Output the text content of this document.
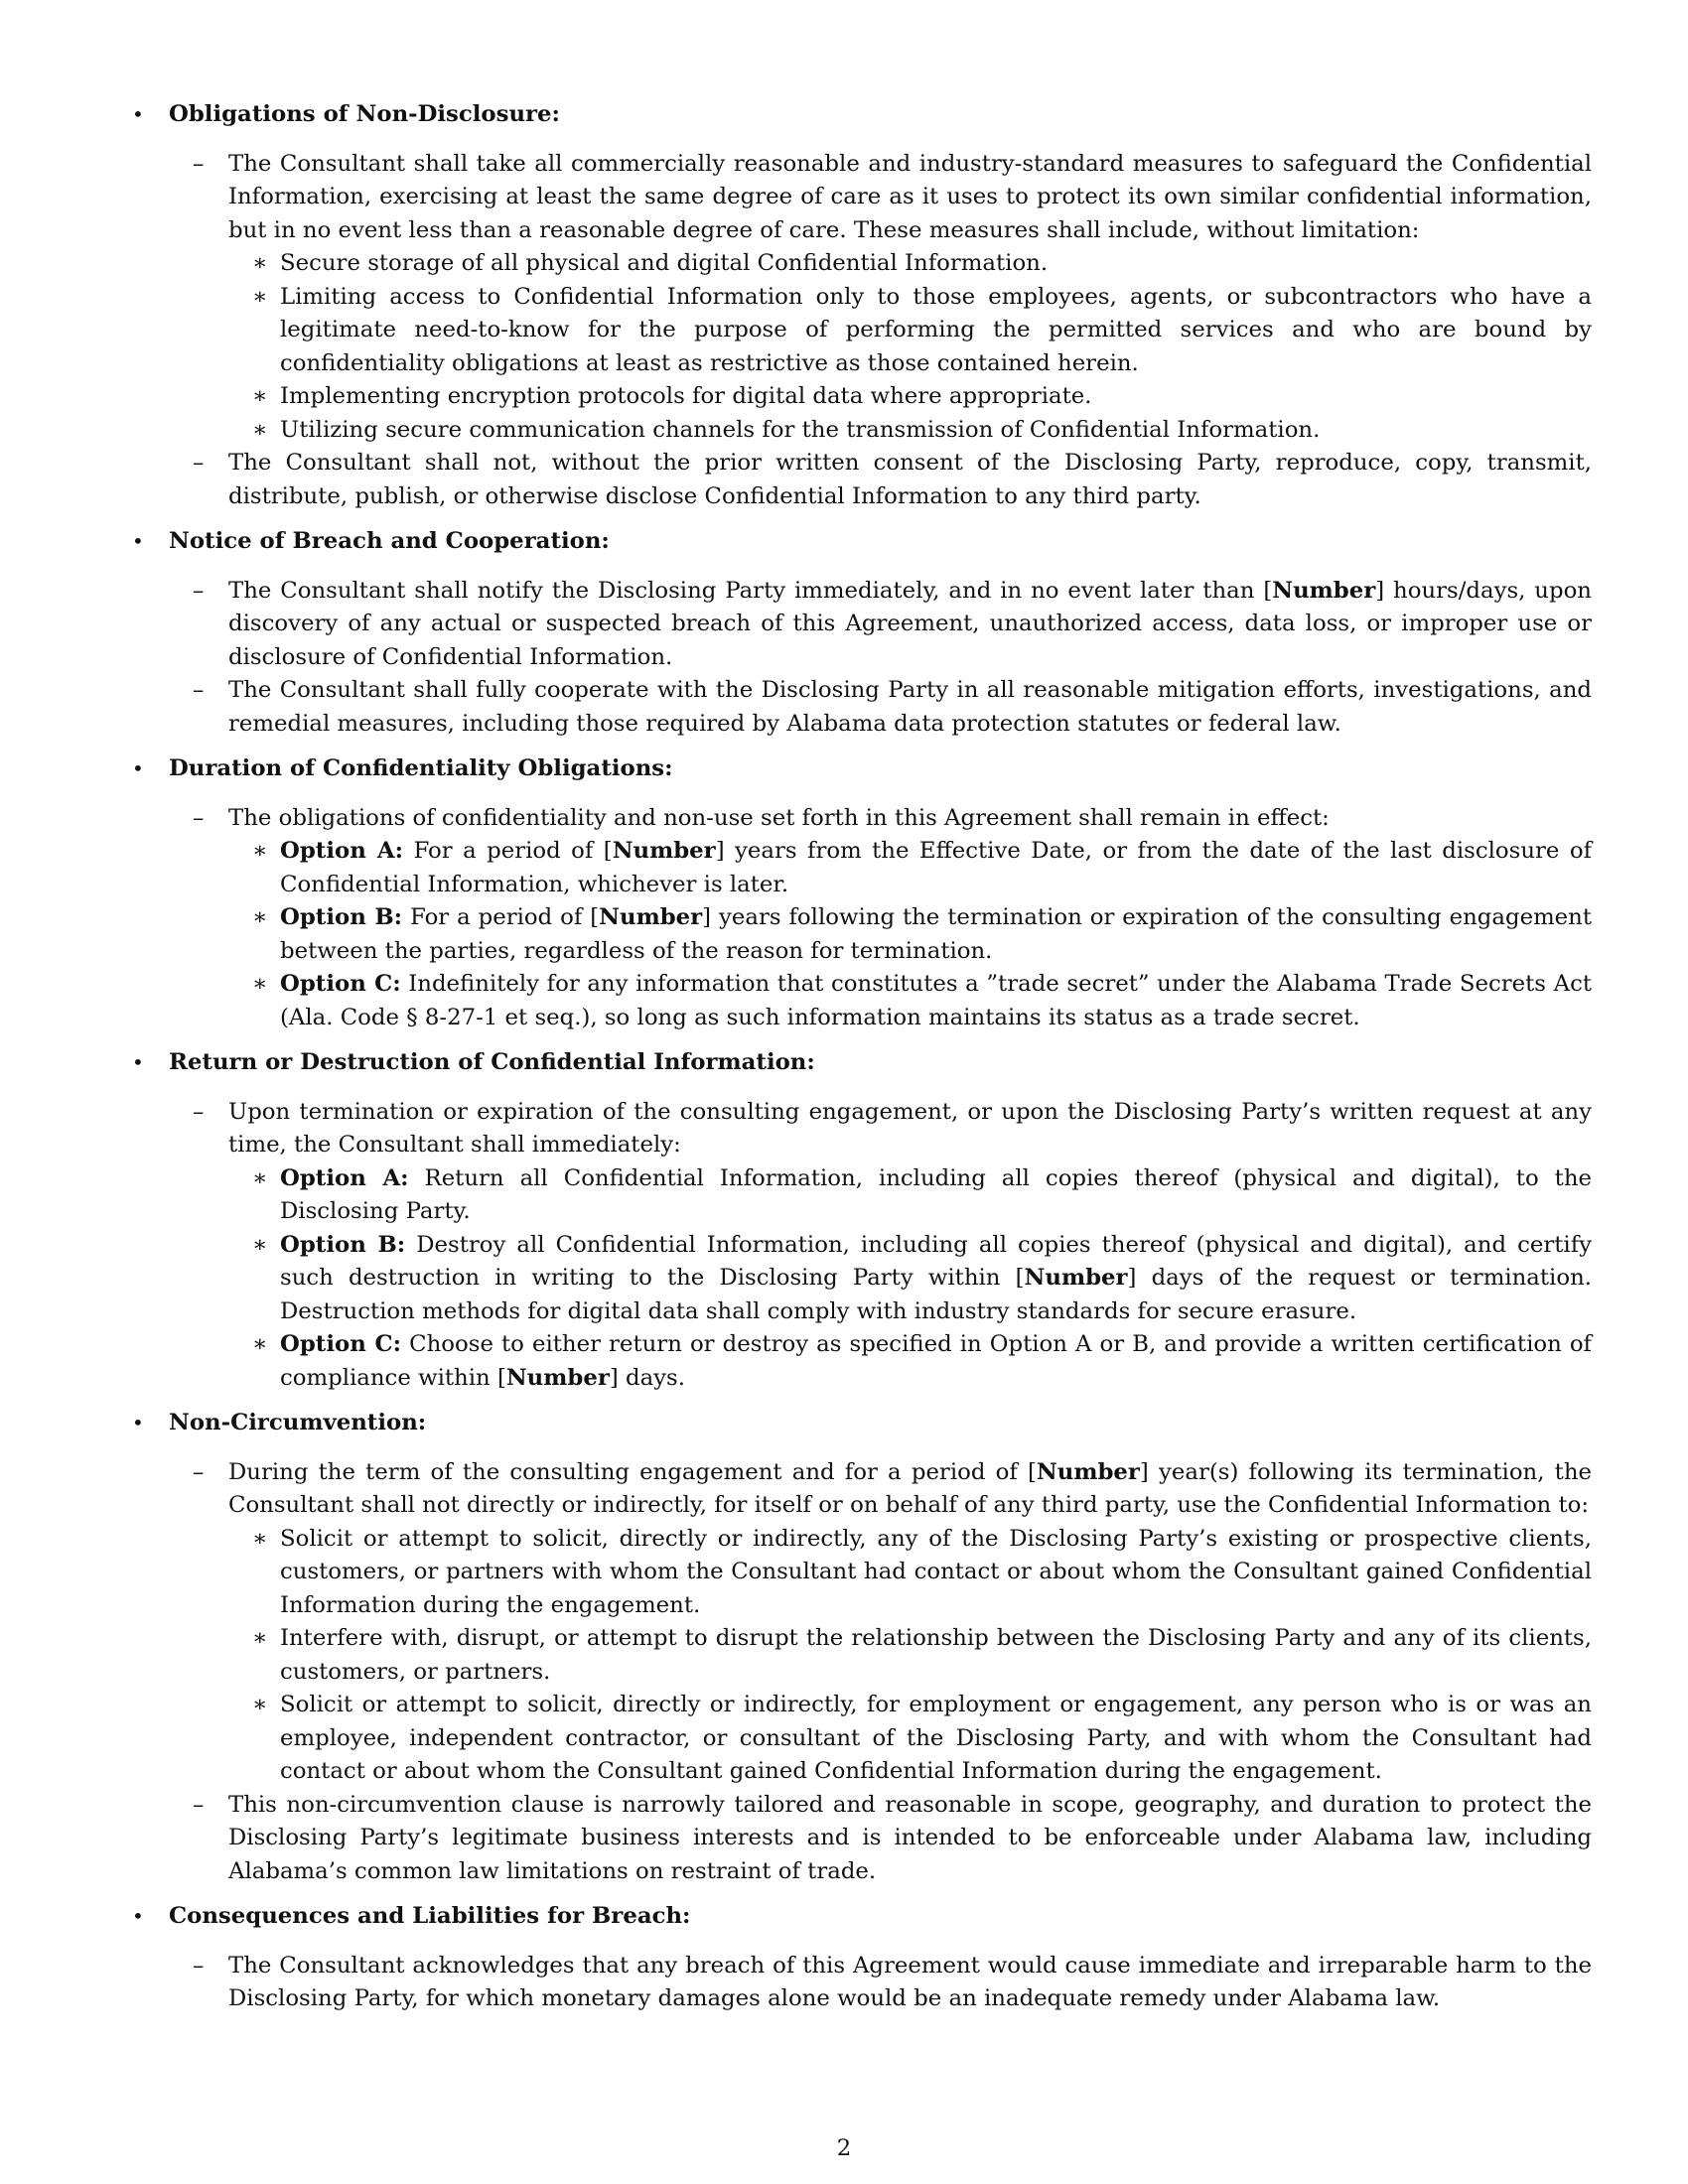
•	Obligations of Non-Disclosure:
– The Consultant shall take all commercially reasonable and industry-standard measures to safeguard the Confidential Information, exercising at least the same degree of care as it uses to protect its own similar confidential information, but in no event less than a reasonable degree of care. These measures shall include, without limitation:
∗ Secure storage of all physical and digital Confidential Information.
∗ Limiting access to Confidential Information only to those employees, agents, or subcontractors who have a legitimate need-to-know for the purpose of performing the permitted services and who are bound by confidentiality obligations at least as restrictive as those contained herein.
∗ Implementing encryption protocols for digital data where appropriate.
∗ Utilizing secure communication channels for the transmission of Confidential Information.
– The Consultant shall not, without the prior written consent of the Disclosing Party, reproduce, copy, transmit, distribute, publish, or otherwise disclose Confidential Information to any third party.
•	Notice of Breach and Cooperation:
– The Consultant shall notify the Disclosing Party immediately, and in no event later than [Number] hours/days, upon discovery of any actual or suspected breach of this Agreement, unauthorized access, data loss, or improper use or disclosure of Confidential Information.
– The Consultant shall fully cooperate with the Disclosing Party in all reasonable mitigation efforts, investigations, and remedial measures, including those required by Alabama data protection statutes or federal law.
•	Duration of Confidentiality Obligations:
– The obligations of confidentiality and non-use set forth in this Agreement shall remain in effect:
∗ Option A: For a period of [Number] years from the Effective Date, or from the date of the last disclosure of Confidential Information, whichever is later.
∗ Option B: For a period of [Number] years following the termination or expiration of the consulting engagement between the parties, regardless of the reason for termination.
∗ Option C: Indefinitely for any information that constitutes a ”trade secret” under the Alabama Trade Secrets Act (Ala. Code § 8-27-1 et seq.), so long as such information maintains its status as a trade secret.
•	Return or Destruction of Confidential Information:
– Upon termination or expiration of the consulting engagement, or upon the Disclosing Party’s written request at any time, the Consultant shall immediately:
∗ Option A: Return all Confidential Information, including all copies thereof (physical and digital), to the Disclosing Party.
∗ Option B: Destroy all Confidential Information, including all copies thereof (physical and digital), and certify such destruction in writing to the Disclosing Party within [Number] days of the request or termination. Destruction methods for digital data shall comply with industry standards for secure erasure.
∗ Option C: Choose to either return or destroy as specified in Option A or B, and provide a written certification of compliance within [Number] days.
•	Non-Circumvention:
– During the term of the consulting engagement and for a period of [Number] year(s) following its termination, the Consultant shall not directly or indirectly, for itself or on behalf of any third party, use the Confidential Information to:
∗ Solicit or attempt to solicit, directly or indirectly, any of the Disclosing Party’s existing or prospective clients, customers, or partners with whom the Consultant had contact or about whom the Consultant gained Confidential Information during the engagement.
∗ Interfere with, disrupt, or attempt to disrupt the relationship between the Disclosing Party and any of its clients, customers, or partners.
∗ Solicit or attempt to solicit, directly or indirectly, for employment or engagement, any person who is or was an employee, independent contractor, or consultant of the Disclosing Party, and with whom the Consultant had contact or about whom the Consultant gained Confidential Information during the engagement.
– This non-circumvention clause is narrowly tailored and reasonable in scope, geography, and duration to protect the Disclosing Party’s legitimate business interests and is intended to be enforceable under Alabama law, including Alabama’s common law limitations on restraint of trade.
•	Consequences and Liabilities for Breach:
– The Consultant acknowledges that any breach of this Agreement would cause immediate and irreparable harm to the Disclosing Party, for which monetary damages alone would be an inadequate remedy under Alabama law.
2
